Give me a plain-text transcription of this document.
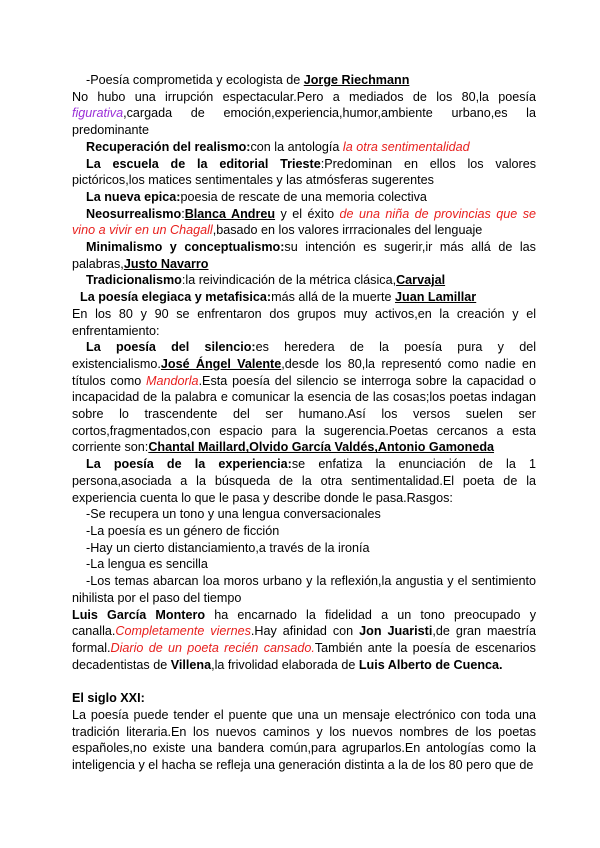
-Poesía comprometida y ecologista de Jorge Riechmann

No hubo una irrupción espectacular.Pero a mediados de los 80,la poesía figurativa,cargada de emoción,experiencia,humor,ambiente urbano,es la predominante

Recuperación del realismo:con la antología la otra sentimentalidad

La escuela de la editorial Trieste:Predominan en ellos los valores pictóricos,los matices sentimentales y las atmósferas sugerentes

La nueva epica:poesia de rescate de una memoria colectiva

Neosurrealismo:Blanca Andreu y el éxito de una niña de provincias que se vino a vivir en un Chagall,basado en los valores irrracionales del lenguaje

Minimalismo y conceptualismo:su intención es sugerir,ir más allá de las palabras,Justo Navarro

Tradicionalismo:la reivindicación de la métrica clásica,Carvajal

La poesía elegiaca y metafisica:más allá de la muerte Juan Lamillar

En los 80 y 90 se enfrentaron dos grupos muy activos,en la creación y el enfrentamiento:

La poesía del silencio:es heredera de la poesía pura y del existencialismo.José Ángel Valente,desde los 80,la representó como nadie en títulos como Mandorla.Esta poesía del silencio se interroga sobre la capacidad o incapacidad de la palabra e comunicar la esencia de las cosas;los poetas indagan sobre lo trascendente del ser humano.Así los versos suelen ser cortos,fragmentados,con espacio para la sugerencia.Poetas cercanos a esta corriente son:Chantal Maillard,Olvido García Valdés,Antonio Gamoneda

La poesía de la experiencia:se enfatiza la enunciación de la 1 persona,asociada a la búsqueda de la otra sentimentalidad.El poeta de la experiencia cuenta lo que le pasa y describe donde le pasa.Rasgos:

-Se recupera un tono y una lengua conversacionales

-La poesía es un género de ficción

-Hay un cierto distanciamiento,a través de la ironía

-La lengua es sencilla

-Los temas abarcan loa moros urbano y la reflexión,la angustia y el sentimiento nihilista por el paso del tiempo

Luis García Montero ha encarnado la fidelidad a un tono preocupado y canalla.Completamente viernes.Hay afinidad con Jon Juaristi,de gran maestría formal.Diario de un poeta recién cansado.También ante la poesía de escenarios decadentistas de Villena,la frivolidad elaborada de Luis Alberto de Cuenca.

El siglo XXI:

La poesía puede tender el puente que una un mensaje electrónico con toda una tradición literaria.En los nuevos caminos y los nuevos nombres de los poetas españoles,no existe una bandera común,para agruparlos.En antologías como la inteligencia y el hacha se refleja una generación distinta a la de los 80 pero que de
